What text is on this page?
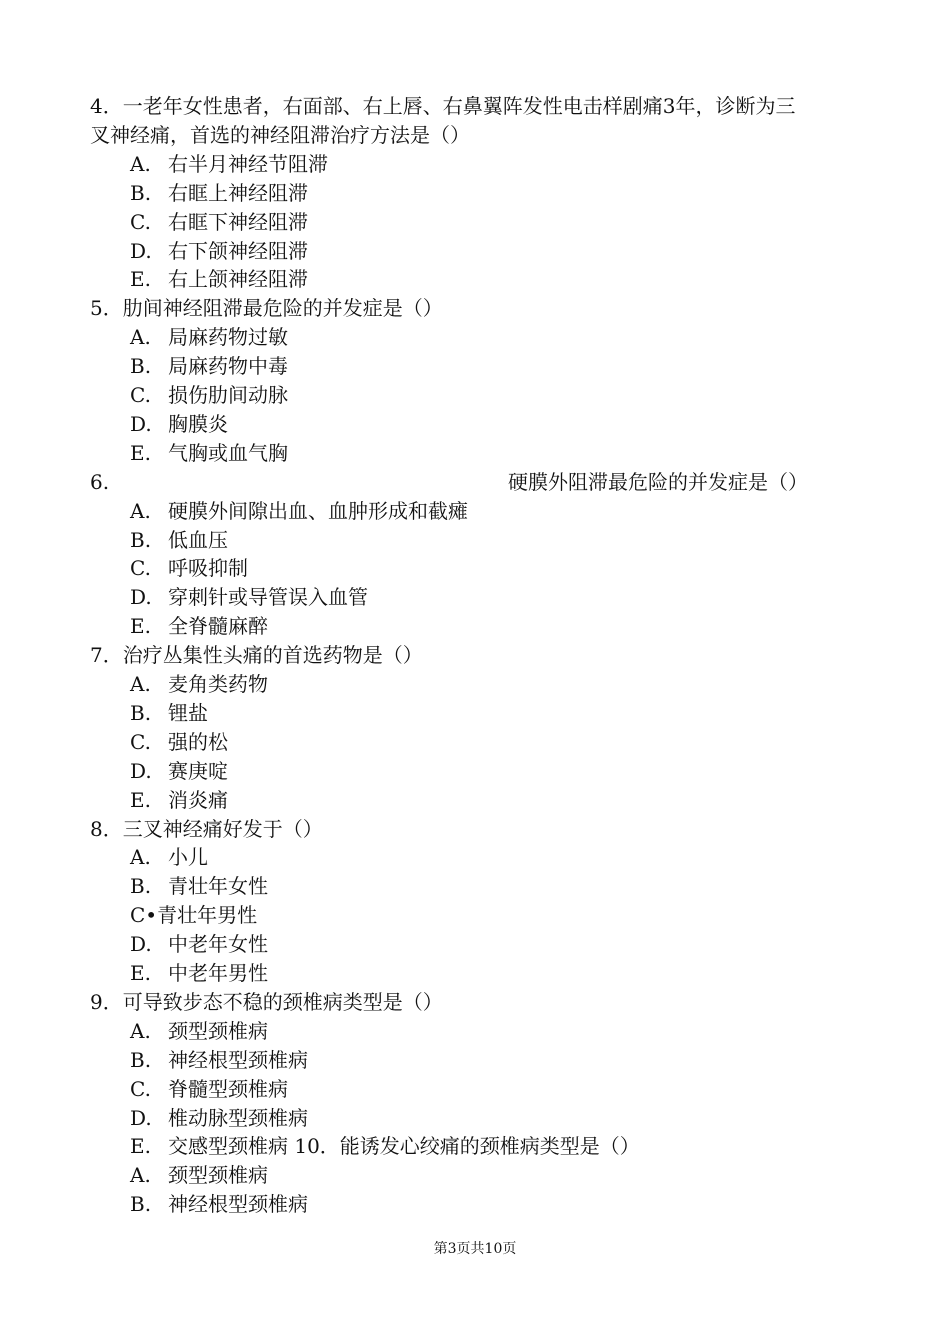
4．一老年女性患者，右面部、右上唇、右鼻翼阵发性电击样剧痛3年，诊断为三
叉神经痛，首选的神经阻滞治疗方法是（）
A. 右半月神经节阻滞
B. 右眶上神经阻滞
C. 右眶下神经阻滞
D. 右下颌神经阻滞
E. 右上颌神经阻滞
5．肋间神经阻滞最危险的并发症是（）
A. 局麻药物过敏
B. 局麻药物中毒
C. 损伤肋间动脉
D. 胸膜炎
E. 气胸或血气胸
6.	硬膜外阻滞最危险的并发症是（）
A. 硬膜外间隙出血、血肿形成和截瘫
B. 低血压
C. 呼吸抑制
D. 穿刺针或导管误入血管
E. 全脊髓麻醉
7．治疗丛集性头痛的首选药物是（）
A. 麦角类药物
B. 锂盐
C. 强的松
D. 赛庚啶
E. 消炎痛
8．三叉神经痛好发于（）
A. 小儿
B. 青壮年女性
C•青壮年男性
D. 中老年女性
E. 中老年男性
9．可导致步态不稳的颈椎病类型是（）
A. 颈型颈椎病
B. 神经根型颈椎病
C. 脊髓型颈椎病
D. 椎动脉型颈椎病
E. 交感型颈椎病 10．能诱发心绞痛的颈椎病类型是（）
A. 颈型颈椎病
B. 神经根型颈椎病
第3页共10页
